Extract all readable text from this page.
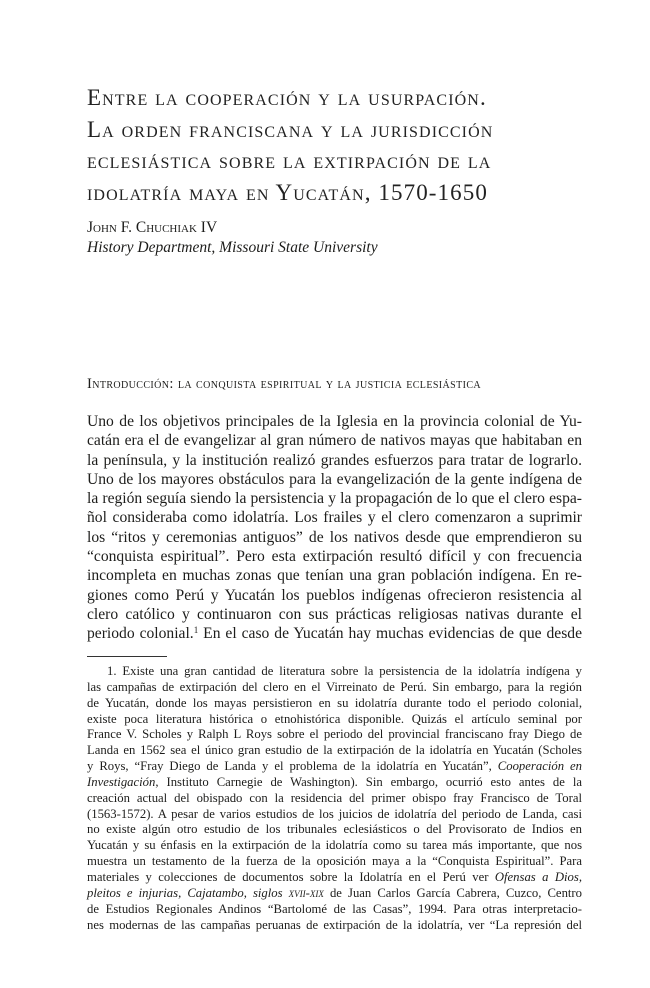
Entre la cooperación y la usurpación.
La orden franciscana y la jurisdicción
eclesiástica sobre la extirpación de la
idolatría maya en Yucatán, 1570-1650
John F. Chuchiak IV
History Department, Missouri State University
Introducción: la conquista espiritual y la justicia eclesiástica
Uno de los objetivos principales de la Iglesia en la provincia colonial de Yu-
catán era el de evangelizar al gran número de nativos mayas que habitaban en
la península, y la institución realizó grandes esfuerzos para tratar de lograrlo.
Uno de los mayores obstáculos para la evangelización de la gente indígena de
la región seguía siendo la persistencia y la propagación de lo que el clero espa-
ñol consideraba como idolatría. Los frailes y el clero comenzaron a suprimir
los “ritos y ceremonias antiguos” de los nativos desde que emprendieron su
“conquista espiritual”. Pero esta extirpación resultó difícil y con frecuencia
incompleta en muchas zonas que tenían una gran población indígena. En re-
giones como Perú y Yucatán los pueblos indígenas ofrecieron resistencia al
clero católico y continuaron con sus prácticas religiosas nativas durante el
periodo colonial.$^1$ En el caso de Yucatán hay muchas evidencias de que desde
1. Existe una gran cantidad de literatura sobre la persistencia de la idolatría indígena y
las campañas de extirpación del clero en el Virreinato de Perú. Sin embargo, para la región
de Yucatán, donde los mayas persistieron en su idolatría durante todo el periodo colonial,
existe poca literatura histórica o etnohistórica disponible. Quizás el artículo seminal por
France V. Scholes y Ralph L Roys sobre el periodo del provincial franciscano fray Diego de
Landa en 1562 sea el único gran estudio de la extirpación de la idolatría en Yucatán (Scholes
y Roys, “Fray Diego de Landa y el problema de la idolatría en Yucatán”, Cooperación en
Investigación, Instituto Carnegie de Washington). Sin embargo, ocurrió esto antes de la
creación actual del obispado con la residencia del primer obispo fray Francisco de Toral
(1563-1572). A pesar de varios estudios de los juicios de idolatría del periodo de Landa, casi
no existe algún otro estudio de los tribunales eclesiásticos o del Provisorato de Indios en
Yucatán y su énfasis en la extirpación de la idolatría como su tarea más importante, que nos
muestra un testamento de la fuerza de la oposición maya a la “Conquista Espiritual”. Para
materiales y colecciones de documentos sobre la Idolatría en el Perú ver Ofensas a Dios,
pleitos e injurias, Cajatambo, siglos xvii-xix de Juan Carlos García Cabrera, Cuzco, Centro
de Estudios Regionales Andinos “Bartolomé de las Casas”, 1994. Para otras interpretacio-
nes modernas de las campañas peruanas de extirpación de la idolatría, ver “La represión del
